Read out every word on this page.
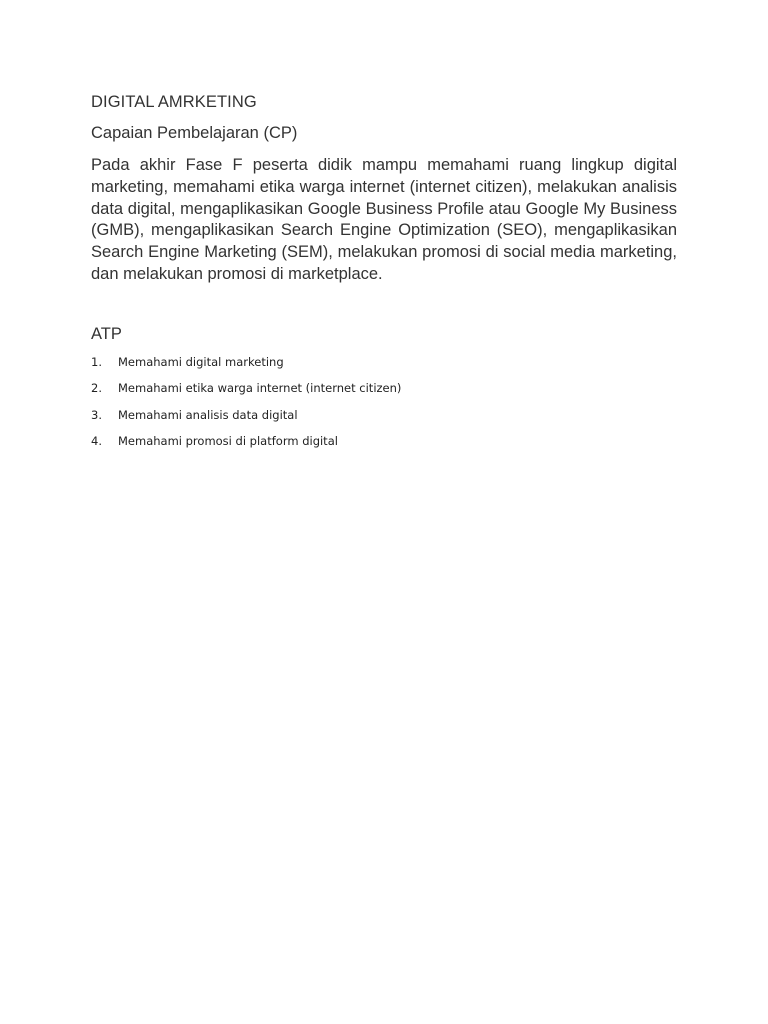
DIGITAL AMRKETING
Capaian Pembelajaran (CP)

Pada akhir Fase F peserta didik mampu memahami ruang lingkup digital marketing, memahami etika warga internet (internet citizen), melakukan analisis data digital, mengaplikasikan Google Business Profile atau Google My Business (GMB), mengaplikasikan Search Engine Optimization (SEO), mengaplikasikan Search Engine Marketing (SEM), melakukan promosi di social media marketing, dan melakukan promosi di marketplace.

ATP
1.	Memahami digital marketing
2.	Memahami etika warga internet (internet citizen)
3.	Memahami analisis data digital
4.	Memahami promosi di platform digital
